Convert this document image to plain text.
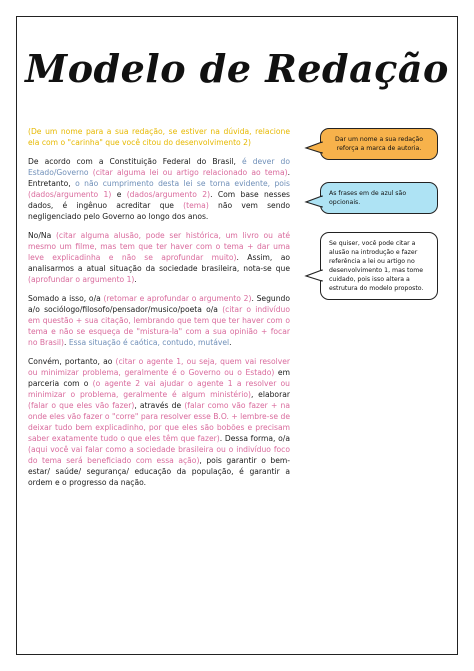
Modelo de Redação

(De um nome para a sua redação, se estiver na dúvida, relacione ela com o "carinha" que você citou do desenvolvimento 2)

De acordo com a Constituição Federal do Brasil, é dever do Estado/Governo (citar alguma lei ou artigo relacionado ao tema). Entretanto, o não cumprimento desta lei se torna evidente, pois (dados/argumento 1) e (dados/argumento 2). Com base nesses dados, é ingênuo acreditar que (tema) não vem sendo negligenciado pelo Governo ao longo dos anos.

No/Na (citar alguma alusão, pode ser histórica, um livro ou até mesmo um filme, mas tem que ter haver com o tema + dar uma leve explicadinha e não se aprofundar muito). Assim, ao analisarmos a atual situação da sociedade brasileira, nota-se que (aprofundar o argumento 1).

Somado a isso, o/a (retomar e aprofundar o argumento 2). Segundo a/o sociólogo/filosofo/pensador/musico/poeta o/a (citar o indivíduo em questão + sua citação, lembrando que tem que ter haver com o tema e não se esqueça de "mistura-la" com a sua opinião + focar no Brasil). Essa situação é caótica, contudo, mutável.

Convém, portanto, ao (citar o agente 1, ou seja, quem vai resolver ou minimizar problema, geralmente é o Governo ou o Estado) em parceria com o (o agente 2 vai ajudar o agente 1 a resolver ou minimizar o problema, geralmente é algum ministério), elaborar (falar o que eles vão fazer), através de (falar como vão fazer + na onde eles vão fazer o "corre" para resolver esse B.O. + lembre-se de deixar tudo bem explicadinho, por que eles são bobões e precisam saber exatamente tudo o que eles têm que fazer). Dessa forma, o/a (aqui você vai falar como a sociedade brasileira ou o indivíduo foco do tema será beneficiado com essa ação), pois garantir o bem-estar/ saúde/ segurança/ educação da população, é garantir a ordem e o progresso da nação.

Dar um nome a sua redação reforça a marca de autoria.
As frases em de azul são opcionais.
Se quiser, você pode citar a alusão na introdução e fazer referência a lei ou artigo no desenvolvimento 1, mas tome cuidado, pois isso altera a estrutura do modelo proposto.
